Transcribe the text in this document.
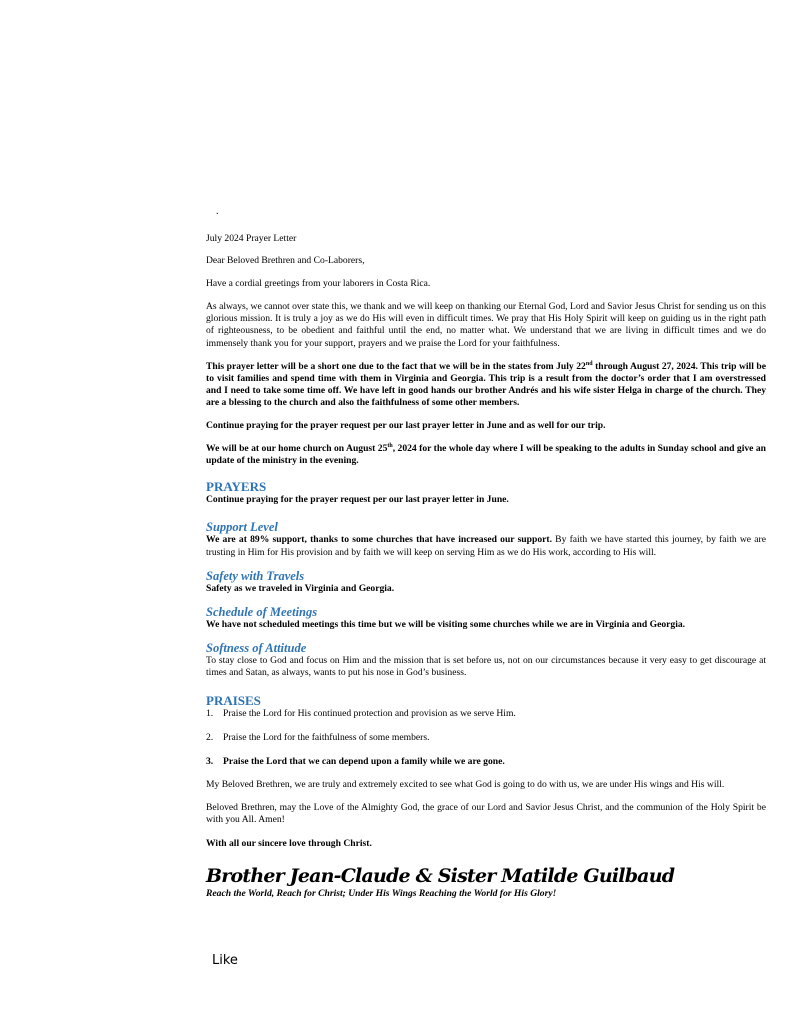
.

July 2024 Prayer Letter

Dear Beloved Brethren and Co-Laborers,

Have a cordial greetings from your laborers in Costa Rica.

As always, we cannot over state this, we thank and we will keep on thanking our Eternal God, Lord and Savior Jesus Christ for sending us on this glorious mission. It is truly a joy as we do His will even in difficult times. We pray that His Holy Spirit will keep on guiding us in the right path of righteousness, to be obedient and faithful until the end, no matter what. We understand that we are living in difficult times and we do immensely thank you for your support, prayers and we praise the Lord for your faithfulness.

This prayer letter will be a short one due to the fact that we will be in the states from July 22nd through August 27, 2024. This trip will be to visit families and spend time with them in Virginia and Georgia. This trip is a result from the doctor’s order that I am overstressed and I need to take some time off. We have left in good hands our brother Andrés and his wife sister Helga in charge of the church. They are a blessing to the church and also the faithfulness of some other members.

Continue praying for the prayer request per our last prayer letter in June and as well for our trip.

We will be at our home church on August 25th, 2024 for the whole day where I will be speaking to the adults in Sunday school and give an update of the ministry in the evening.

PRAYERS

Continue praying for the prayer request per our last prayer letter in June.

Support Level

We are at 89% support, thanks to some churches that have increased our support. By faith we have started this journey, by faith we are trusting in Him for His provision and by faith we will keep on serving Him as we do His work, according to His will.

Safety with Travels

Safety as we traveled in Virginia and Georgia.

Schedule of Meetings

We have not scheduled meetings this time but we will be visiting some churches while we are in Virginia and Georgia.

Softness of Attitude

To stay close to God and focus on Him and the mission that is set before us, not on our circumstances because it very easy to get discourage at times and Satan, as always, wants to put his nose in God’s business.

PRAISES

1.	Praise the Lord for His continued protection and provision as we serve Him.
2.	Praise the Lord for the faithfulness of some members.
3.	Praise the Lord that we can depend upon a family while we are gone.

My Beloved Brethren, we are truly and extremely excited to see what God is going to do with us, we are under His wings and His will.

Beloved Brethren, may the Love of the Almighty God, the grace of our Lord and Savior Jesus Christ, and the communion of the Holy Spirit be with you All. Amen!

With all our sincere love through Christ.

Brother Jean-Claude & Sister Matilde Guilbaud

Reach the World, Reach for Christ; Under His Wings Reaching the World for His Glory!

Like
